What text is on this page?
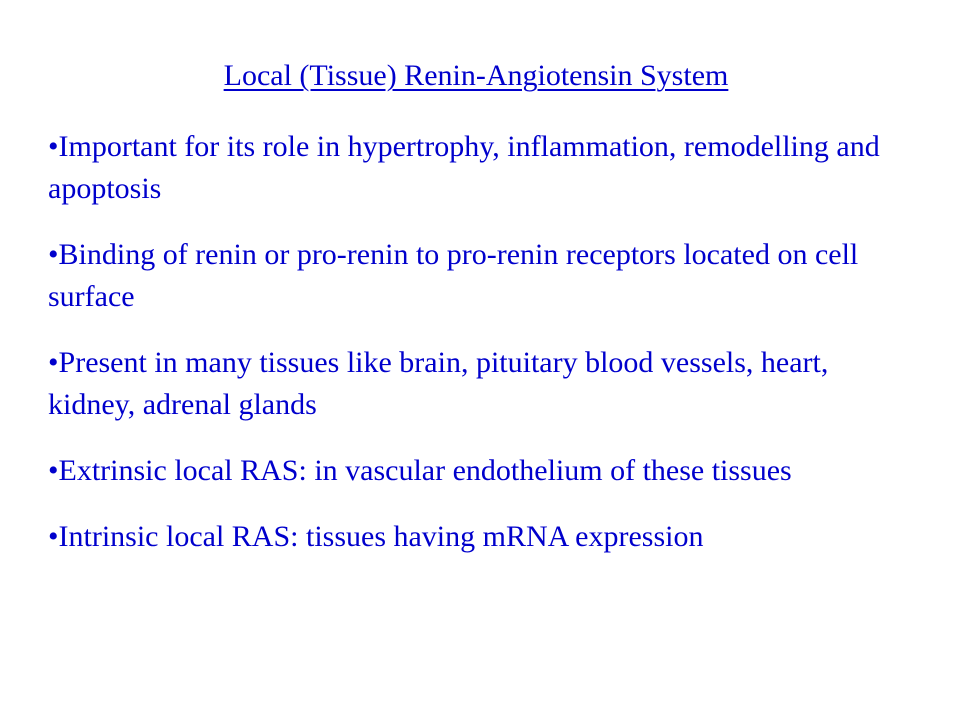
Local (Tissue) Renin-Angiotensin System
•Important for its role in hypertrophy, inflammation, remodelling and apoptosis
•Binding of renin or pro-renin to pro-renin receptors located on cell surface
•Present in many tissues like brain, pituitary blood vessels, heart, kidney, adrenal glands
•Extrinsic local RAS: in vascular endothelium of these tissues
•Intrinsic local RAS: tissues having mRNA expression
